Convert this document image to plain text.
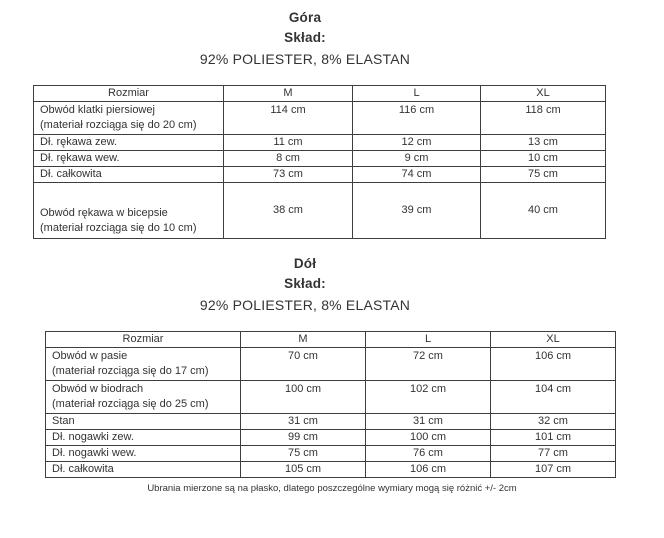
Góra
Skład:
92% POLIESTER, 8% ELASTAN
Rozmiar	M	L	XL
Obwód klatki piersiowej
(materiał rozciąga się do 20 cm)	114 cm	116 cm	118 cm
Dł. rękawa zew.	11 cm	12 cm	13 cm
Dł. rękawa wew.	8 cm	9 cm	10 cm
Dł. całkowita	73 cm	74 cm	75 cm
Obwód rękawa w bicepsie
(materiał rozciąga się do 10 cm)	38 cm	39 cm	40 cm
Dół
Skład:
92% POLIESTER, 8% ELASTAN
Rozmiar	M	L	XL
Obwód w pasie
(materiał rozciąga się do 17 cm)	70 cm	72 cm	106 cm
Obwód w biodrach
(materiał rozciąga się do 25 cm)	100 cm	102 cm	104 cm
Stan	31 cm	31 cm	32 cm
Dł. nogawki zew.	99 cm	100 cm	101 cm
Dł. nogawki wew.	75 cm	76 cm	77 cm
Dł. całkowita	105 cm	106 cm	107 cm
Ubrania mierzone są na płasko, dlatego poszczególne wymiary mogą się różnić +/- 2cm
